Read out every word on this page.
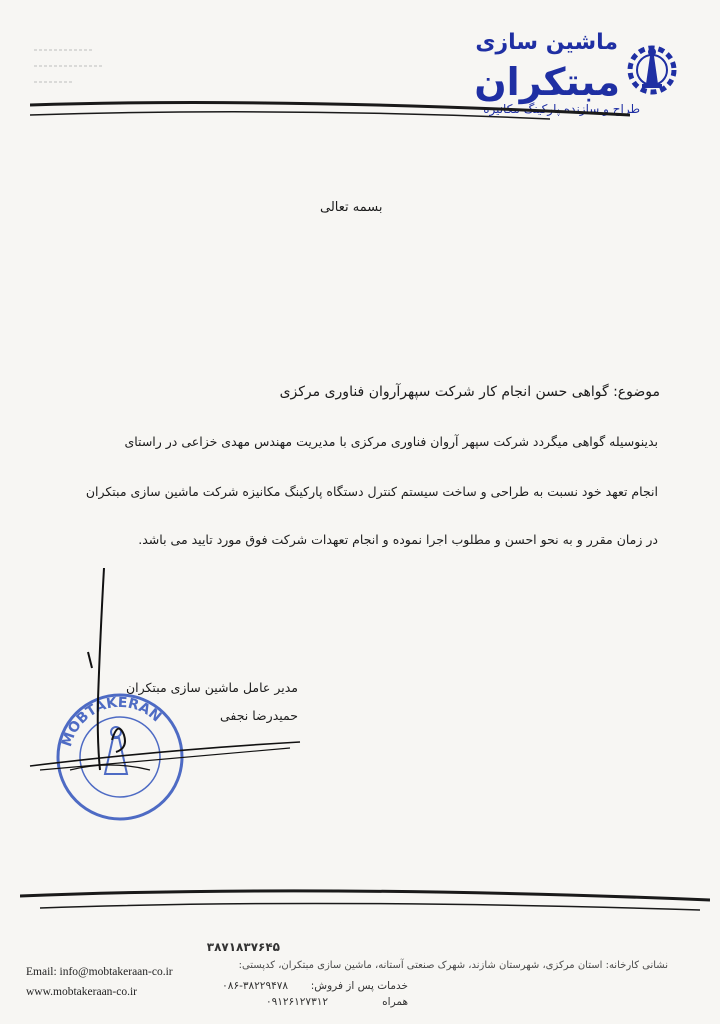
ماشین سازی
مبتکران
طراح و سازنده پارکینگ مکانیزه
بسمه تعالی
موضوع: گواهی حسن انجام کار شرکت سپهرآروان فناوری مرکزی
بدینوسیله گواهی میگردد شرکت سپهر آروان فناوری مرکزی با مدیریت مهندس مهدی خزاعی در راستای
انجام تعهد خود نسبت به طراحی و ساخت سیستم کنترل دستگاه پارکینگ مکانیزه شرکت ماشین سازی مبتکران
در زمان مقرر و به نحو احسن و مطلوب اجرا نموده و انجام تعهدات شرکت فوق مورد تایید می باشد.
مدیر عامل ماشین سازی مبتکران
حمیدرضا نجفی
MOBTAKERAN
۳۸۷۱۸۳۷۶۴۵
نشانی کارخانه: استان مرکزی، شهرستان شازند، شهرک صنعتی آستانه، ماشین سازی مبتکران، کدپستی:
خدمات پس از فروش:
۰۸۶-۳۸۲۲۹۴۷۸
همراه
۰۹۱۲۶۱۲۷۳۱۲
Email: info@mobtakeraan-co.ir
www.mobtakeraan-co.ir
